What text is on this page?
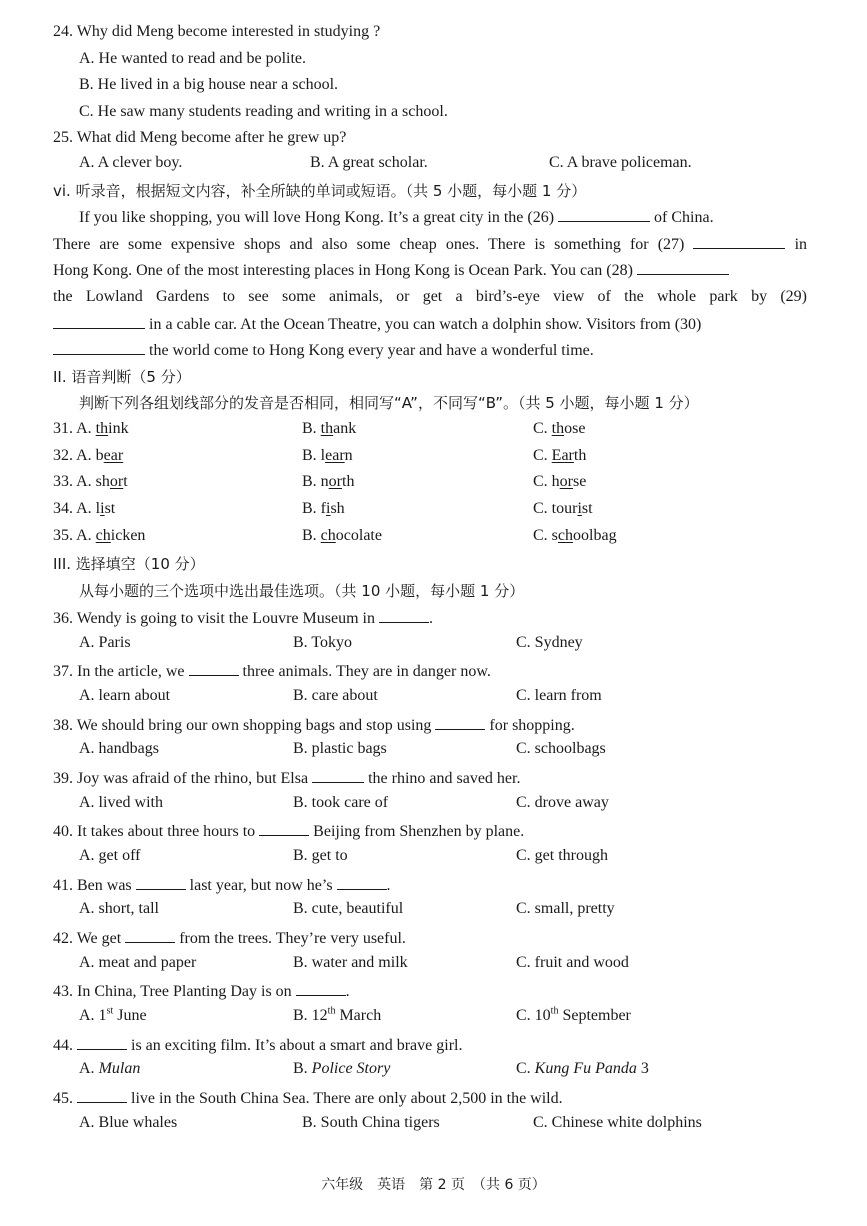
24. Why did Meng become interested in studying ?
A. He wanted to read and be polite.
B. He lived in a big house near a school.
C. He saw many students reading and writing in a school.
25. What did Meng become after he grew up?
A. A clever boy.	B. A great scholar.	C. A brave policeman.
vi. 听录音，根据短文内容，补全所缺的单词或短语。（共 5 小题，每小题 1 分）
If you like shopping, you will love Hong Kong. It’s a great city in the (26)	of China.
There are some expensive shops and also some cheap ones. There is something for (27)	in
Hong Kong. One of the most interesting places in Hong Kong is Ocean Park. You can (28)
the Lowland Gardens to see some animals, or get a bird’s-eye view of the whole park by (29)
in a cable car. At the Ocean Theatre, you can watch a dolphin show. Visitors from (30)
the world come to Hong Kong every year and have a wonderful time.
II. 语音判断（5 分）
判断下列各组划线部分的发音是否相同，相同写“A”，不同写“B”。（共 5 小题，每小题 1 分）
31. A. think	B. thank	C. those
32. A. bear	B. learn	C. Earth
33. A. short	B. north	C. horse
34. A. list	B. fish	C. tourist
35. A. chicken	B. chocolate	C. schoolbag
III. 选择填空（10 分）
从每小题的三个选项中选出最佳选项。（共 10 小题，每小题 1 分）
36. Wendy is going to visit the Louvre Museum in	.
A. Paris	B. Tokyo	C. Sydney
37. In the article, we	three animals. They are in danger now.
A. learn about	B. care about	C. learn from
38. We should bring our own shopping bags and stop using	for shopping.
A. handbags	B. plastic bags	C. schoolbags
39. Joy was afraid of the rhino, but Elsa	the rhino and saved her.
A. lived with	B. took care of	C. drove away
40. It takes about three hours to	Beijing from Shenzhen by plane.
A. get off	B. get to	C. get through
41. Ben was	last year, but now he’s	.
A. short, tall	B. cute, beautiful	C. small, pretty
42. We get	from the trees. They’re very useful.
A. meat and paper	B. water and milk	C. fruit and wood
43. In China, Tree Planting Day is on	.
A. 1st June	B. 12th March	C. 10th September
44.	is an exciting film. It’s about a smart and brave girl.
A. Mulan	B. Police Story	C. Kung Fu Panda 3
45.	live in the South China Sea. There are only about 2,500 in the wild.
A. Blue whales	B. South China tigers	C. Chinese white dolphins
六年级　英语　第 2 页　（共 6 页）
